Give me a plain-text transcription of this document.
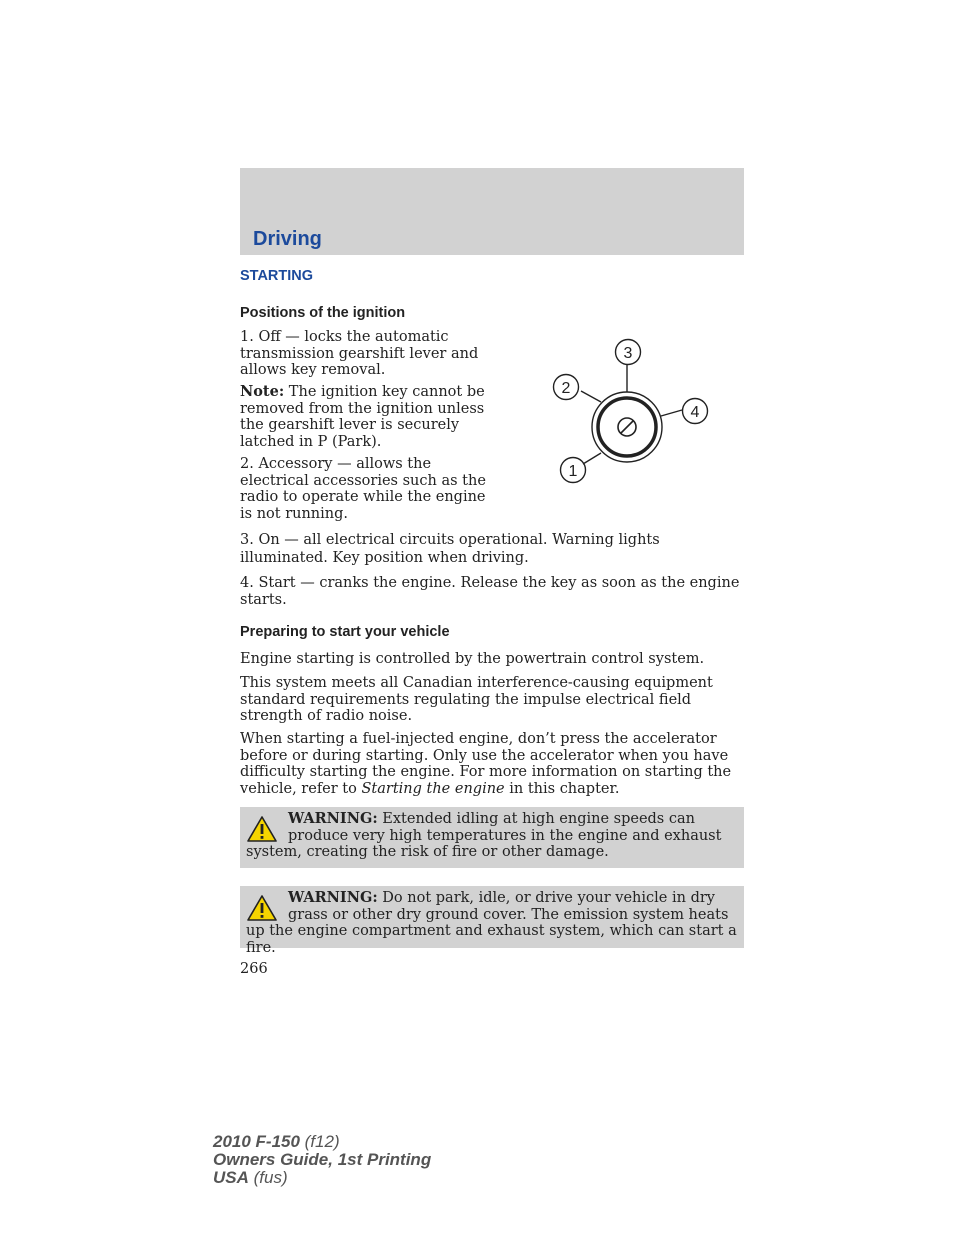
Driving
STARTING
Positions of the ignition

1. Off — locks the automatic transmission gearshift lever and allows key removal.

Note: The ignition key cannot be removed from the ignition unless the gearshift lever is securely latched in P (Park).

2. Accessory — allows the electrical accessories such as the radio to operate while the engine is not running.

3
2
4
1

3. On — all electrical circuits operational. Warning lights illuminated. Key position when driving.

4. Start — cranks the engine. Release the key as soon as the engine starts.

Preparing to start your vehicle

Engine starting is controlled by the powertrain control system.

This system meets all Canadian interference-causing equipment standard requirements regulating the impulse electrical field strength of radio noise.

When starting a fuel-injected engine, don’t press the accelerator before or during starting. Only use the accelerator when you have difficulty starting the engine. For more information on starting the vehicle, refer to Starting the engine in this chapter.

WARNING: Extended idling at high engine speeds can produce very high temperatures in the engine and exhaust system, creating the risk of fire or other damage.

WARNING: Do not park, idle, or drive your vehicle in dry grass or other dry ground cover. The emission system heats up the engine compartment and exhaust system, which can start a fire.

266
2010 F-150 (f12)
Owners Guide, 1st Printing
USA (fus)
